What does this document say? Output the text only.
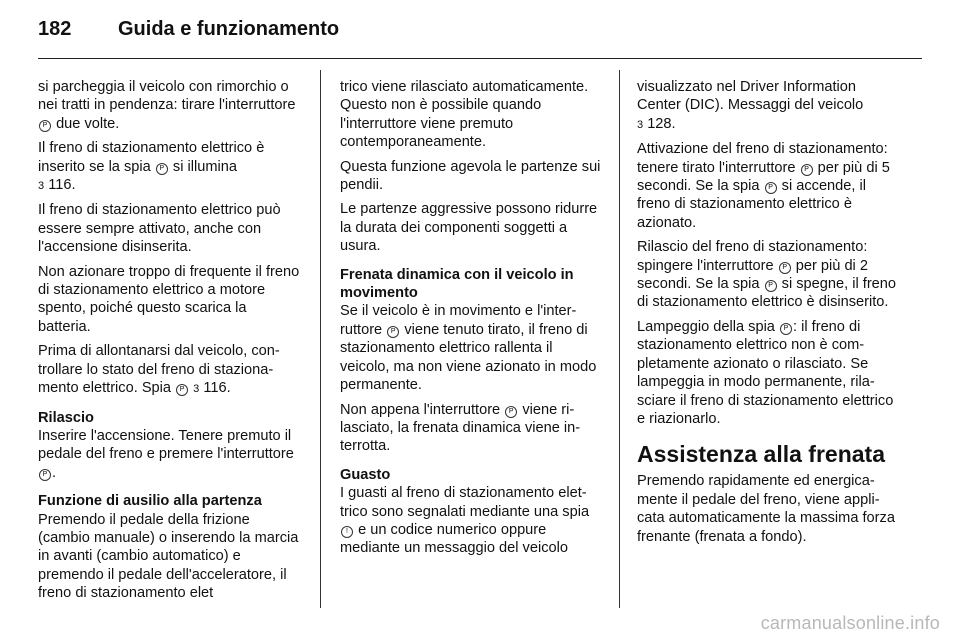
182	Guida e funzionamento

si parcheggia il veicolo con rimorchio o nei tratti in pendenza: tirare l'interruttore P due volte.

Il freno di stazionamento elettrico è inserito se la spia P si illumina
3 116.

Il freno di stazionamento elettrico può essere sempre attivato, anche con l'accensione disinserita.

Non azionare troppo di frequente il freno di stazionamento elettrico a motore spento, poiché questo scarica la batteria.

Prima di allontanarsi dal veicolo, controllare lo stato del freno di stazionamento elettrico. Spia P 3 116.

Rilascio

Inserire l'accensione. Tenere premuto il pedale del freno e premere l'interruttore P .

Funzione di ausilio alla partenza

Premendo il pedale della frizione (cambio manuale) o inserendo la marcia in avanti (cambio automatico) e premendo il pedale dell'acceleratore, il freno di stazionamento elet

trico viene rilasciato automaticamente. Questo non è possibile quando l'interruttore viene premuto contemporaneamente.

Questa funzione agevola le partenze sui pendii.

Le partenze aggressive possono ridurre la durata dei componenti soggetti a usura.

Frenata dinamica con il veicolo in movimento

Se il veicolo è in movimento e l'interruttore P viene tenuto tirato, il freno di stazionamento elettrico rallenta il veicolo, ma non viene azionato in modo permanente.

Non appena l'interruttore P viene rilasciato, la frenata dinamica viene interrotta.

Guasto

I guasti al freno di stazionamento elettrico sono segnalati mediante una spia ! e un codice numerico oppure mediante un messaggio del veicolo

visualizzato nel Driver Information Center (DIC). Messaggi del veicolo
3 128.

Attivazione del freno di stazionamento: tenere tirato l'interruttore P per più di 5 secondi. Se la spia P si accende, il freno di stazionamento elettrico è azionato.

Rilascio del freno di stazionamento: spingere l'interruttore P per più di 2 secondi. Se la spia P si spegne, il freno di stazionamento elettrico è disinserito.

Lampeggio della spia P : il freno di stazionamento elettrico non è completamente azionato o rilasciato. Se lampeggia in modo permanente, rilasciare il freno di stazionamento elettrico e riazionarlo.

Assistenza alla frenata

Premendo rapidamente ed energicamente il pedale del freno, viene applicata automaticamente la massima forza frenante (frenata a fondo).

carmanualsonline.info
